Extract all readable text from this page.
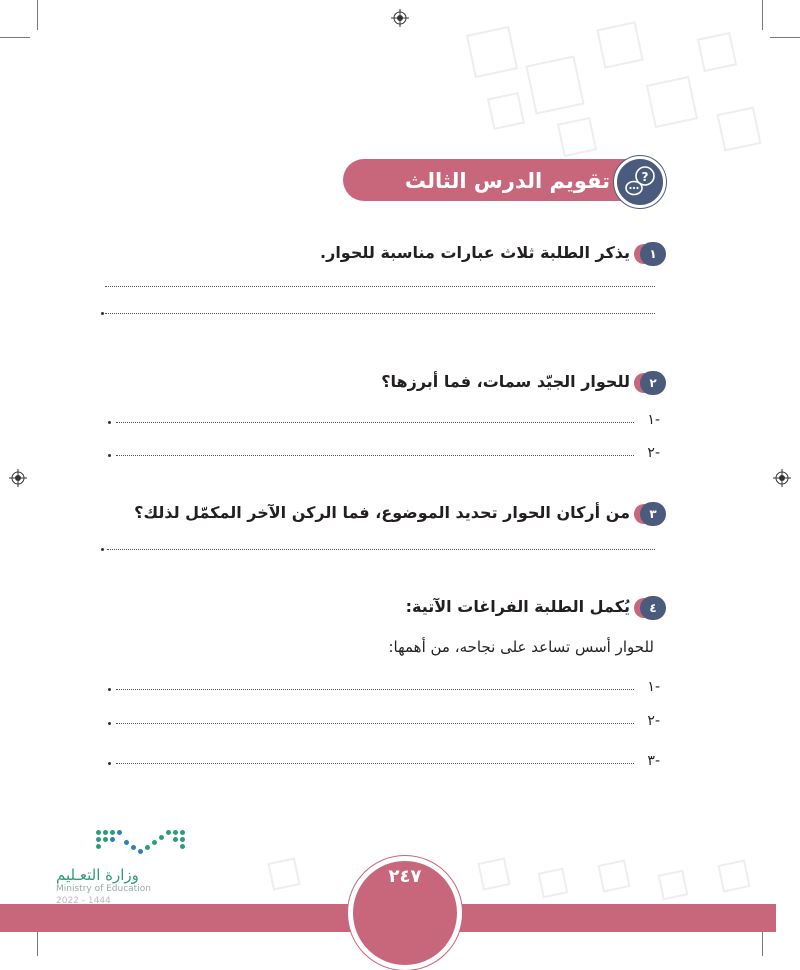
تقويم الدرس الثالث والثلاثين
?
١
يذكر الطلبة ثلاث عبارات مناسبة للحوار.
٢
للحوار الجيّد سمات، فما أبرزها؟
-١
-٢
٣
من أركان الحوار تحديد الموضوع، فما الركن الآخر المكمّل لذلك؟
٤
يُكمل الطلبة الفراغات الآتية:
للحوار أسس تساعد على نجاحه، من أهمها:
-١
-٢
-٣
٢٤٧
وزارة التعـليم
Ministry of Education
2022 - 1444
